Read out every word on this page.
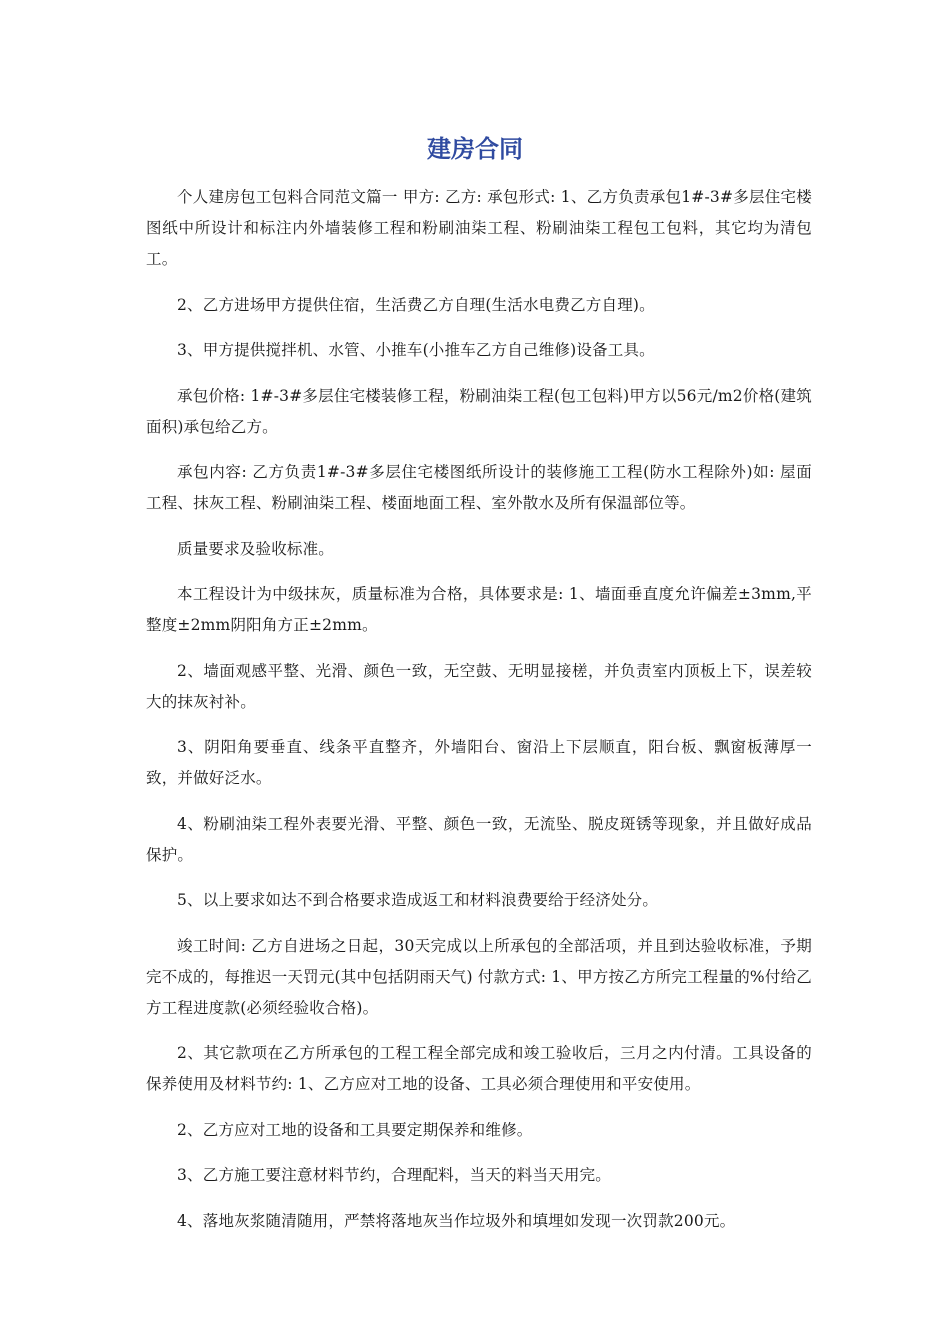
建房合同

个人建房包工包料合同范文篇一 甲方: 乙方: 承包形式: 1、乙方负责承包1#-3#多层住宅楼图纸中所设计和标注内外墙装修工程和粉刷油柒工程、粉刷油柒工程包工包料，其它均为清包工。

2、乙方进场甲方提供住宿，生活费乙方自理(生活水电费乙方自理)。

3、甲方提供搅拌机、水管、小推车(小推车乙方自己维修)设备工具。

承包价格: 1#-3#多层住宅楼装修工程，粉刷油柒工程(包工包料)甲方以56元/m2价格(建筑面积)承包给乙方。

承包内容: 乙方负责1#-3#多层住宅楼图纸所设计的装修施工工程(防水工程除外)如: 屋面工程、抹灰工程、粉刷油柒工程、楼面地面工程、室外散水及所有保温部位等。

质量要求及验收标准。

本工程设计为中级抹灰，质量标准为合格，具体要求是: 1、墙面垂直度允许偏差±3mm,平整度±2mm阴阳角方正±2mm。

2、墙面观感平整、光滑、颜色一致，无空鼓、无明显接槎，并负责室内顶板上下，误差较大的抹灰衬补。

3、阴阳角要垂直、线条平直整齐，外墙阳台、窗沿上下层顺直，阳台板、飘窗板薄厚一致，并做好泛水。

4、粉刷油柒工程外表要光滑、平整、颜色一致，无流坠、脱皮斑锈等现象，并且做好成品保护。

5、以上要求如达不到合格要求造成返工和材料浪费要给于经济处分。

竣工时间: 乙方自进场之日起，30天完成以上所承包的全部活项，并且到达验收标准，予期完不成的，每推迟一天罚元(其中包括阴雨天气) 付款方式: 1、甲方按乙方所完工程量的%付给乙方工程进度款(必须经验收合格)。

2、其它款项在乙方所承包的工程工程全部完成和竣工验收后，三月之内付清。工具设备的保养使用及材料节约: 1、乙方应对工地的设备、工具必须合理使用和平安使用。

2、乙方应对工地的设备和工具要定期保养和维修。

3、乙方施工要注意材料节约，合理配料，当天的料当天用完。

4、落地灰浆随清随用，严禁将落地灰当作垃圾外和填埋如发现一次罚款200元。
